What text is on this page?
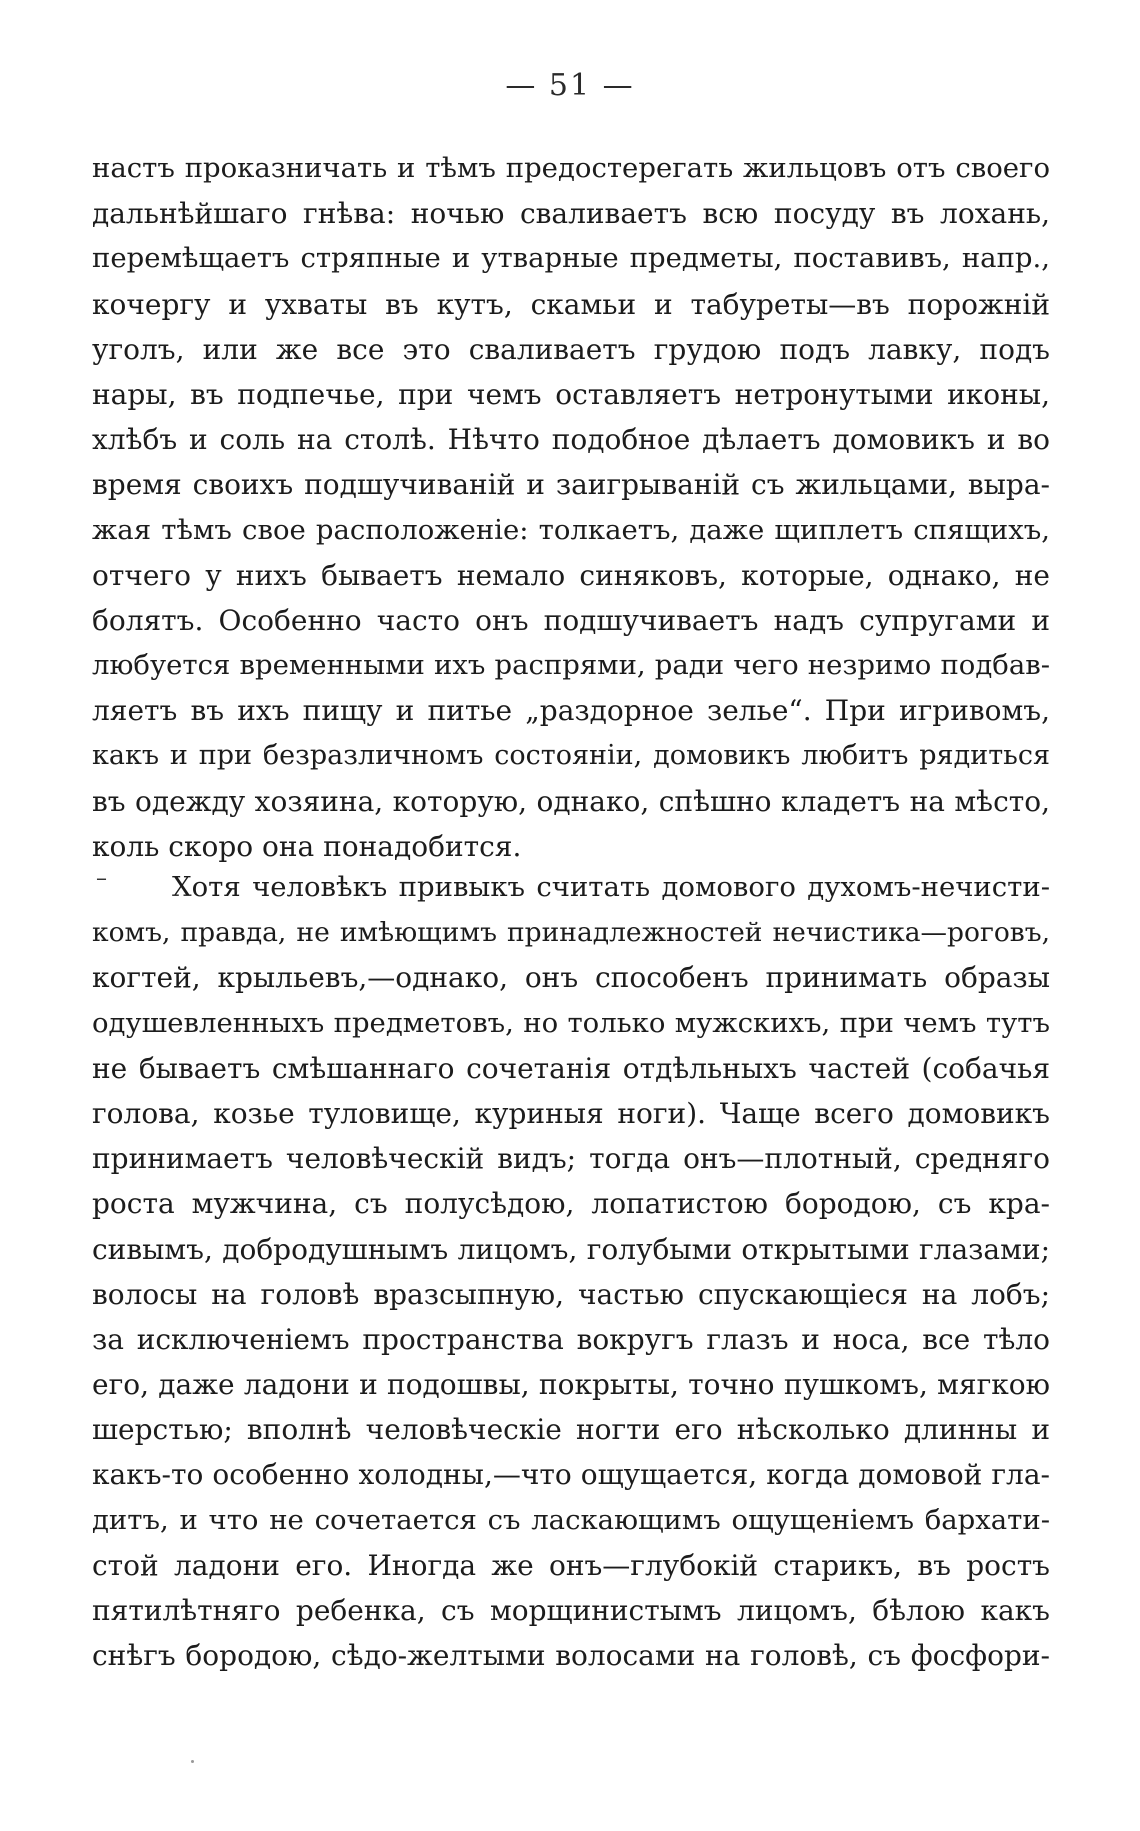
— 51 —
настъ проказничать и тѣмъ предостерегать жильцовъ отъ своего
дальнѣйшаго гнѣва: ночью сваливаетъ всю посуду въ лохань,
перемѣщаетъ стряпные и утварные предметы, поставивъ, напр.,
кочергу и ухваты въ кутъ, скамьи и табуреты—въ порожній
уголъ, или же все это сваливаетъ грудою подъ лавку, подъ
нары, въ подпечье, при чемъ оставляетъ нетронутыми иконы,
хлѣбъ и соль на столѣ. Нѣчто подобное дѣлаетъ домовикъ и во
время своихъ подшучиваній и заигрываній съ жильцами, выра-
жая тѣмъ свое расположеніе: толкаетъ, даже щиплетъ спящихъ,
отчего у нихъ бываетъ немало синяковъ, которые, однако, не
болятъ. Особенно часто онъ подшучиваетъ надъ супругами и
любуется временными ихъ распрями, ради чего незримо подбав-
ляетъ въ ихъ пищу и питье „раздорное зелье“. При игривомъ,
какъ и при безразличномъ состояніи, домовикъ любитъ рядиться
въ одежду хозяина, которую, однако, спѣшно кладетъ на мѣсто,
коль скоро она понадобится.
–	Хотя человѣкъ привыкъ считать домового духомъ-нечисти-
комъ, правда, не имѣющимъ принадлежностей нечистика—роговъ,
когтей, крыльевъ,—однако, онъ способенъ принимать образы
одушевленныхъ предметовъ, но только мужскихъ, при чемъ тутъ
не бываетъ смѣшаннаго сочетанія отдѣльныхъ частей (собачья
голова, козье туловище, куриныя ноги). Чаще всего домовикъ
принимаетъ человѣческій видъ; тогда онъ—плотный, средняго
роста мужчина, съ полусѣдою, лопатистою бородою, съ кра-
сивымъ, добродушнымъ лицомъ, голубыми открытыми глазами;
волосы на головѣ вразсыпную, частью спускающіеся на лобъ;
за исключеніемъ пространства вокругъ глазъ и носа, все тѣло
его, даже ладони и подошвы, покрыты, точно пушкомъ, мягкою
шерстью; вполнѣ человѣческіе ногти его нѣсколько длинны и
какъ-то особенно холодны,—что ощущается, когда домовой гла-
дитъ, и что не сочетается съ ласкающимъ ощущеніемъ бархати-
стой ладони его. Иногда же онъ—глубокій старикъ, въ ростъ
пятилѣтняго ребенка, съ морщинистымъ лицомъ, бѣлою какъ
снѣгъ бородою, сѣдо-желтыми волосами на головѣ, съ фосфори-
